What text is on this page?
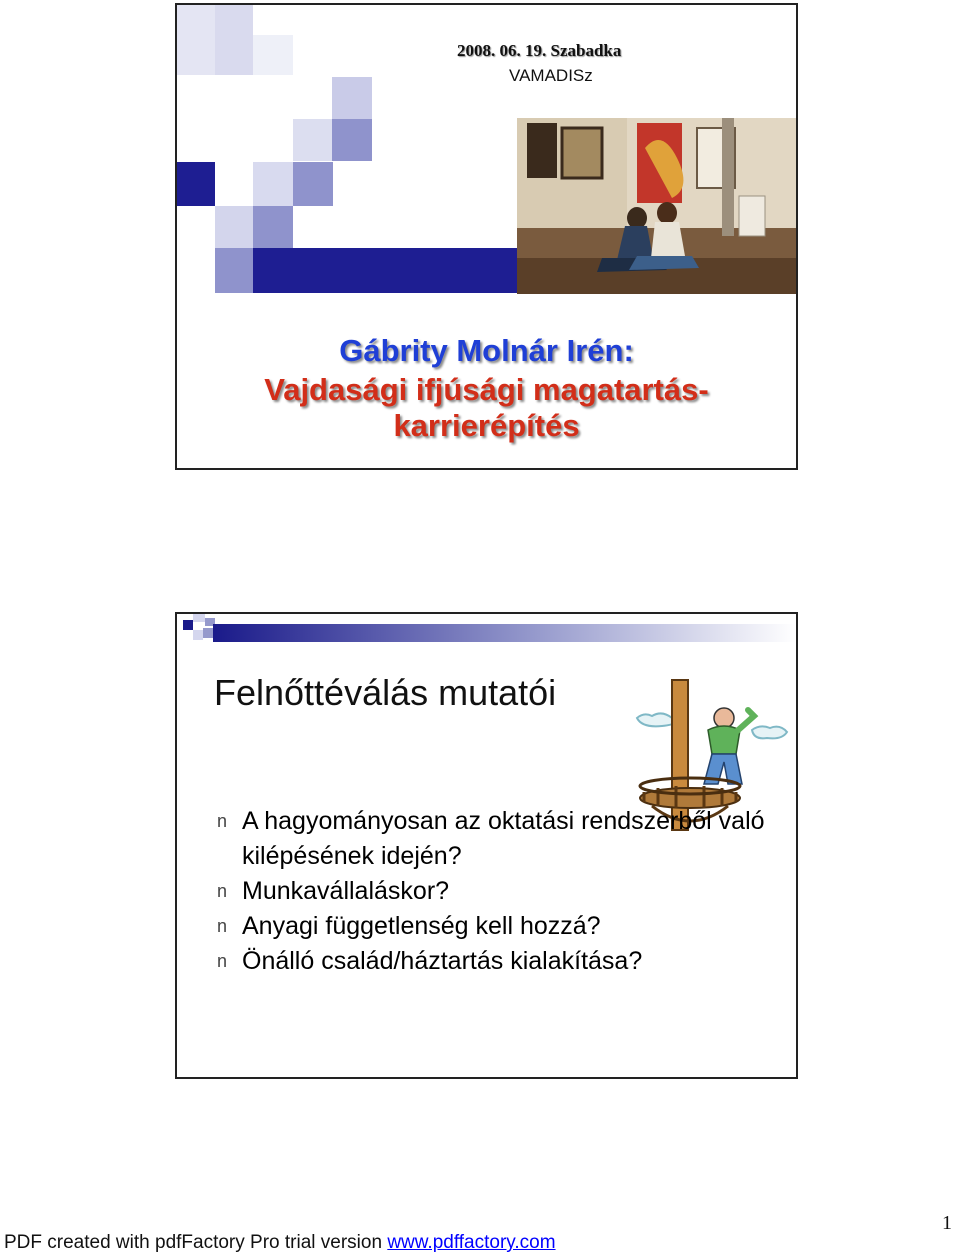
2008. 06. 19. Szabadka
VAMADISz
Gábrity Molnár Irén:
Vajdasági ifjúsági magatartás-
karrierépítés
Felnőttéválás mutatói
n A hagyományosan az oktatási rendszerből való kilépésének idején?
n Munkavállaláskor?
n Anyagi függetlenség kell hozzá?
n Önálló család/háztartás kialakítása?
1
PDF created with pdfFactory Pro trial version www.pdffactory.com
